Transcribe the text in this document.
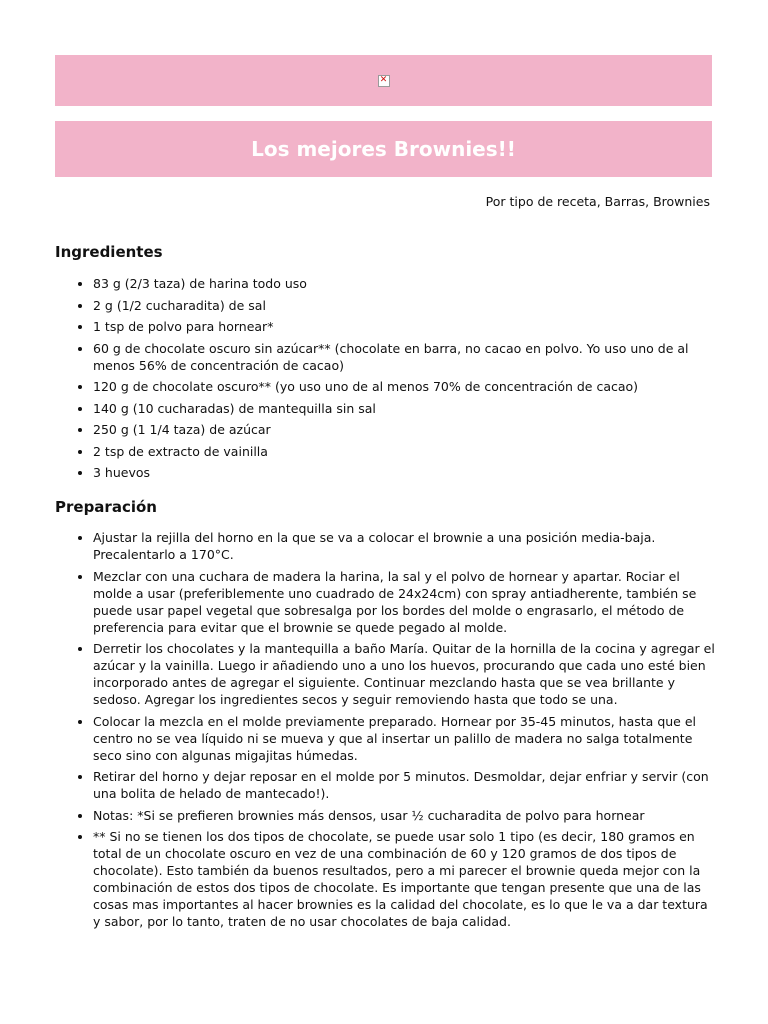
✕
Los mejores Brownies!!
Por tipo de receta, Barras, Brownies
Ingredientes
• 83 g (2/3 taza) de harina todo uso
• 2 g (1/2 cucharadita) de sal
• 1 tsp de polvo para hornear*
• 60 g de chocolate oscuro sin azúcar** (chocolate en barra, no cacao en polvo. Yo uso uno de al menos 56% de concentración de cacao)
• 120 g de chocolate oscuro** (yo uso uno de al menos 70% de concentración de cacao)
• 140 g (10 cucharadas) de mantequilla sin sal
• 250 g (1 1/4 taza) de azúcar
• 2 tsp de extracto de vainilla
• 3 huevos
Preparación
• Ajustar la rejilla del horno en la que se va a colocar el brownie a una posición media-baja. Precalentarlo a 170°C.
• Mezclar con una cuchara de madera la harina, la sal y el polvo de hornear y apartar. Rociar el molde a usar (preferiblemente uno cuadrado de 24x24cm) con spray antiadherente, también se puede usar papel vegetal que sobresalga por los bordes del molde o engrasarlo, el método de preferencia para evitar que el brownie se quede pegado al molde.
• Derretir los chocolates y la mantequilla a baño María. Quitar de la hornilla de la cocina y agregar el azúcar y la vainilla. Luego ir añadiendo uno a uno los huevos, procurando que cada uno esté bien incorporado antes de agregar el siguiente. Continuar mezclando hasta que se vea brillante y sedoso. Agregar los ingredientes secos y seguir removiendo hasta que todo se una.
• Colocar la mezcla en el molde previamente preparado. Hornear por 35-45 minutos, hasta que el centro no se vea líquido ni se mueva y que al insertar un palillo de madera no salga totalmente seco sino con algunas migajitas húmedas.
• Retirar del horno y dejar reposar en el molde por 5 minutos. Desmoldar, dejar enfriar y servir (con una bolita de helado de mantecado!).
• Notas: *Si se prefieren brownies más densos, usar ½ cucharadita de polvo para hornear
• ** Si no se tienen los dos tipos de chocolate, se puede usar solo 1 tipo (es decir, 180 gramos en total de un chocolate oscuro en vez de una combinación de 60 y 120 gramos de dos tipos de chocolate). Esto también da buenos resultados, pero a mi parecer el brownie queda mejor con la combinación de estos dos tipos de chocolate. Es importante que tengan presente que una de las cosas mas importantes al hacer brownies es la calidad del chocolate, es lo que le va a dar textura y sabor, por lo tanto, traten de no usar chocolates de baja calidad.
